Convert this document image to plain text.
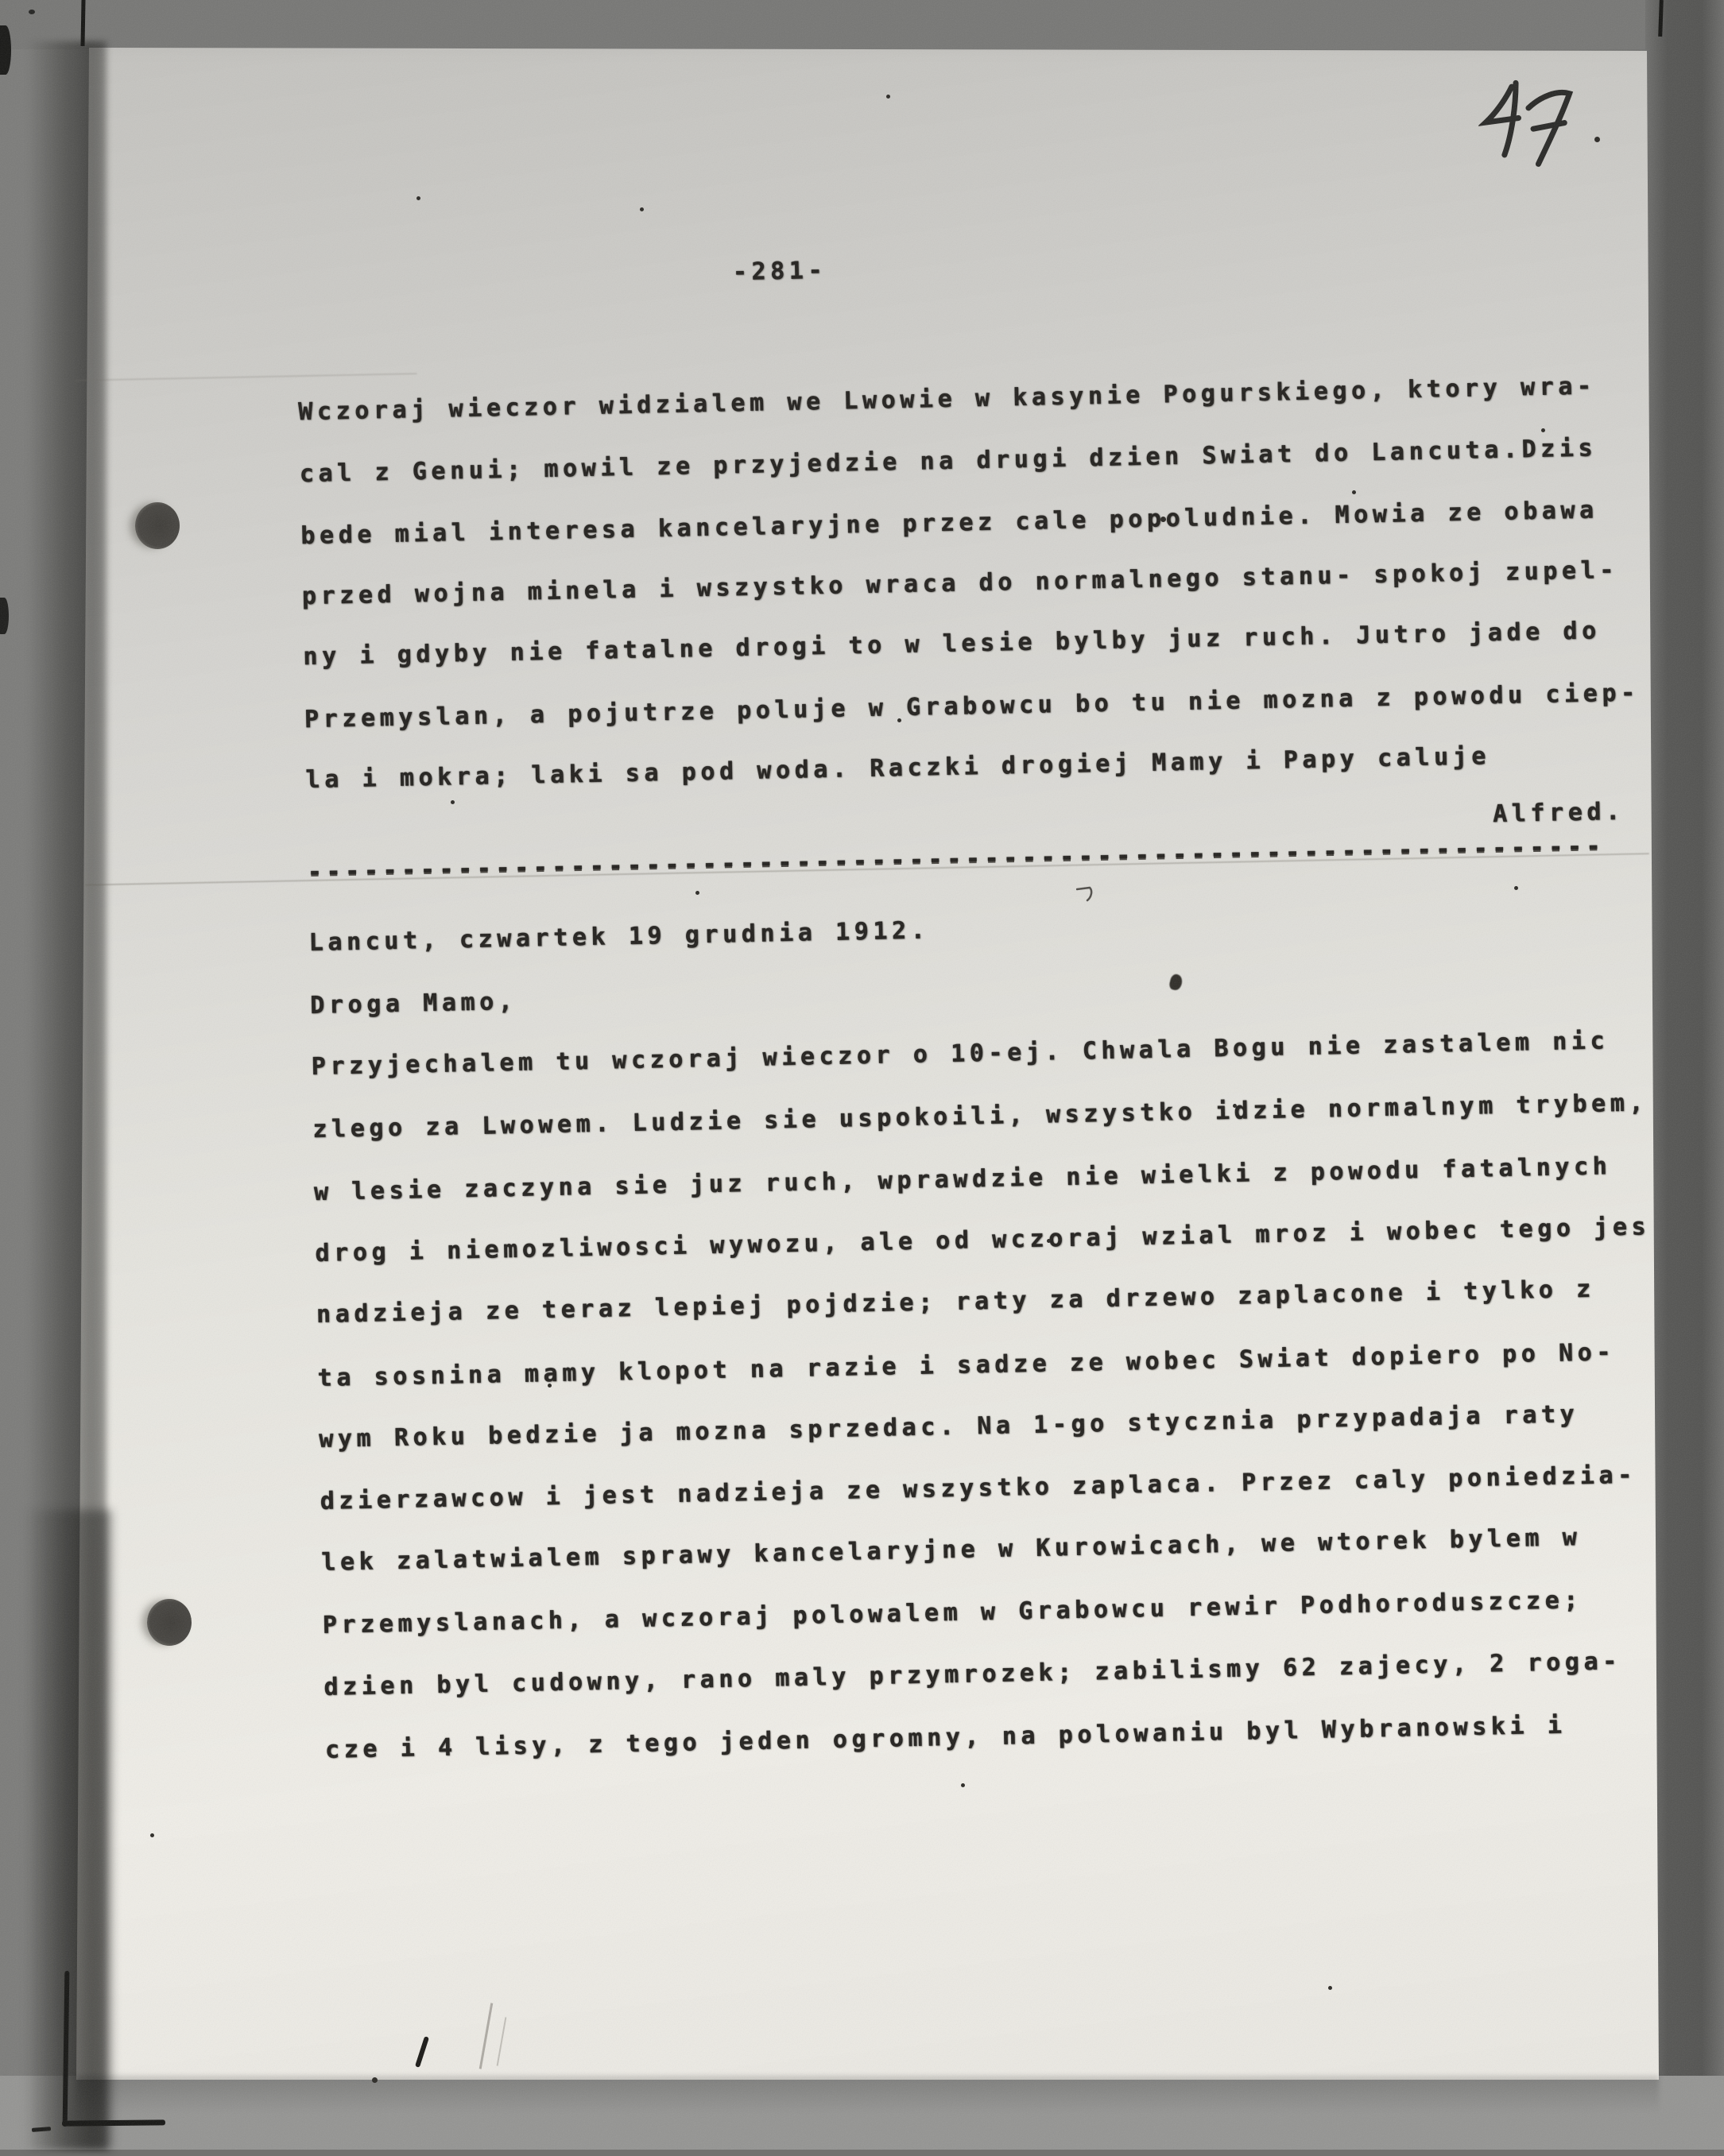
-281-
Wczoraj wieczor widzialem we Lwowie w kasynie Pogurskiego, ktory wra-
cal z Genui; mowil ze przyjedzie na drugi dzien Swiat do Lancuta.Dzis
bede mial interesa kancelaryjne przez cale popoludnie. Mowia ze obawa
przed wojna minela i wszystko wraca do normalnego stanu- spokoj zupel-
ny i gdyby nie fatalne drogi to w lesie bylby juz ruch. Jutro jade do
Przemyslan, a pojutrze poluje w Grabowcu bo tu nie mozna z powodu ciep-
la i mokra; laki sa pod woda. Raczki drogiej Mamy i Papy caluje
Alfred.
---------------------------------------------------------------------
Lancut, czwartek 19 grudnia 1912.
Droga Mamo,
Przyjechalem tu wczoraj wieczor o 10-ej. Chwala Bogu nie zastalem nic
zlego za Lwowem. Ludzie sie uspokoili, wszystko idzie normalnym trybem,
w lesie zaczyna sie juz ruch, wprawdzie nie wielki z powodu fatalnych
drog i niemozliwosci wywozu, ale od wczoraj wzial mroz i wobec tego jes
nadzieja ze teraz lepiej pojdzie; raty za drzewo zaplacone i tylko z
ta sosnina mamy klopot na razie i sadze ze wobec Swiat dopiero po No-
wym Roku bedzie ja mozna sprzedac. Na 1-go stycznia przypadaja raty
dzierzawcow i jest nadzieja ze wszystko zaplaca. Przez caly poniedzia-
lek zalatwialem sprawy kancelaryjne w Kurowicach, we wtorek bylem w
Przemyslanach, a wczoraj polowalem w Grabowcu rewir Podhoroduszcze;
dzien byl cudowny, rano maly przymrozek; zabilismy 62 zajecy, 2 roga-
cze i 4 lisy, z tego jeden ogromny, na polowaniu byl Wybranowski i
